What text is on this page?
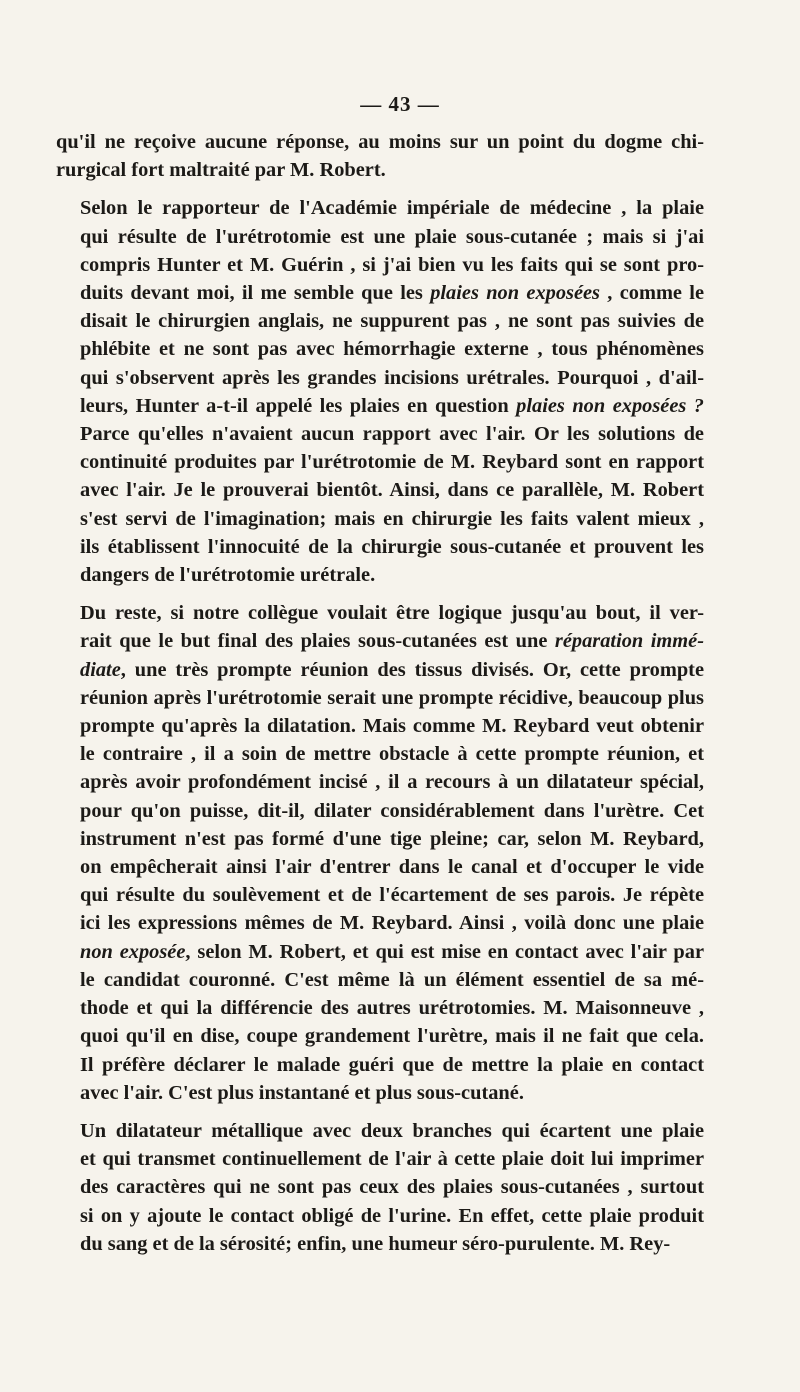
— 43 —

qu'il ne reçoive aucune réponse, au moins sur un point du dogme chi-
rurgical fort maltraité par M. Robert.

Selon le rapporteur de l'Académie impériale de médecine , la plaie
qui résulte de l'urétrotomie est une plaie sous-cutanée ; mais si j'ai
compris Hunter et M. Guérin , si j'ai bien vu les faits qui se sont pro-
duits devant moi, il me semble que les plaies non exposées , comme le
disait le chirurgien anglais, ne suppurent pas , ne sont pas suivies de
phlébite et ne sont pas avec hémorrhagie externe , tous phénomènes
qui s'observent après les grandes incisions urétrales. Pourquoi , d'ail-
leurs, Hunter a-t-il appelé les plaies en question plaies non exposées ?
Parce qu'elles n'avaient aucun rapport avec l'air. Or les solutions de
continuité produites par l'urétrotomie de M. Reybard sont en rapport
avec l'air. Je le prouverai bientôt. Ainsi, dans ce parallèle, M. Robert
s'est servi de l'imagination; mais en chirurgie les faits valent mieux ,
ils établissent l'innocuité de la chirurgie sous-cutanée et prouvent les
dangers de l'urétrotomie urétrale.

Du reste, si notre collègue voulait être logique jusqu'au bout, il ver-
rait que le but final des plaies sous-cutanées est une réparation immé-
diate, une très prompte réunion des tissus divisés. Or, cette prompte
réunion après l'urétrotomie serait une prompte récidive, beaucoup plus
prompte qu'après la dilatation. Mais comme M. Reybard veut obtenir
le contraire , il a soin de mettre obstacle à cette prompte réunion, et
après avoir profondément incisé , il a recours à un dilatateur spécial,
pour qu'on puisse, dit-il, dilater considérablement dans l'urètre. Cet
instrument n'est pas formé d'une tige pleine; car, selon M. Reybard,
on empêcherait ainsi l'air d'entrer dans le canal et d'occuper le vide
qui résulte du soulèvement et de l'écartement de ses parois. Je répète
ici les expressions mêmes de M. Reybard. Ainsi , voilà donc une plaie
non exposée, selon M. Robert, et qui est mise en contact avec l'air par
le candidat couronné. C'est même là un élément essentiel de sa mé-
thode et qui la différencie des autres urétrotomies. M. Maisonneuve ,
quoi qu'il en dise, coupe grandement l'urètre, mais il ne fait que cela.
Il préfère déclarer le malade guéri que de mettre la plaie en contact
avec l'air. C'est plus instantané et plus sous-cutané.

Un dilatateur métallique avec deux branches qui écartent une plaie
et qui transmet continuellement de l'air à cette plaie doit lui imprimer
des caractères qui ne sont pas ceux des plaies sous-cutanées , surtout
si on y ajoute le contact obligé de l'urine. En effet, cette plaie produit
du sang et de la sérosité; enfin, une humeur séro-purulente. M. Rey-
